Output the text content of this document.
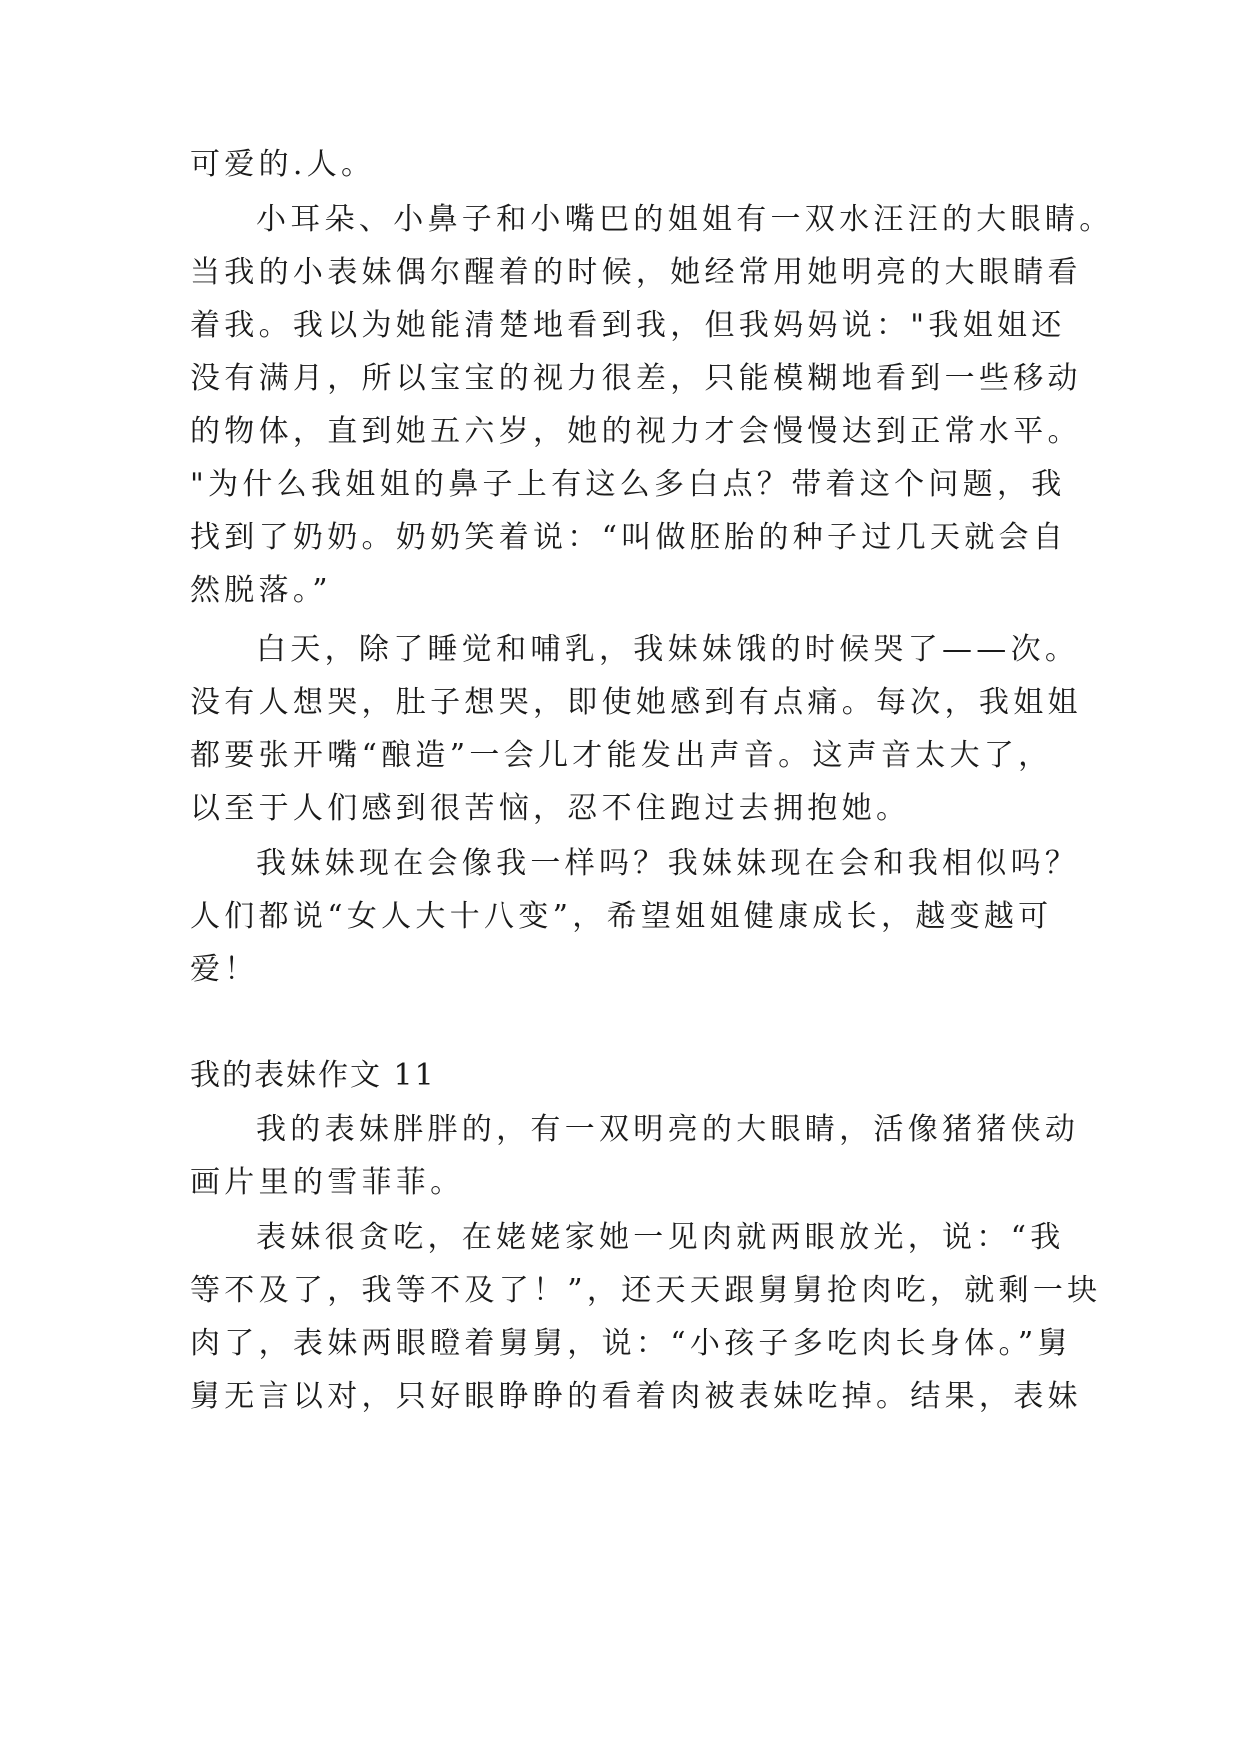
可爱的.人。

小耳朵、小鼻子和小嘴巴的姐姐有一双水汪汪的大眼睛。

当我的小表妹偶尔醒着的时候，她经常用她明亮的大眼睛看

着我。我以为她能清楚地看到我，但我妈妈说："我姐姐还

没有满月，所以宝宝的视力很差，只能模糊地看到一些移动

的物体，直到她五六岁，她的视力才会慢慢达到正常水平。

"为什么我姐姐的鼻子上有这么多白点？带着这个问题，我

找到了奶奶。奶奶笑着说：“叫做胚胎的种子过几天就会自

然脱落。”

白天，除了睡觉和哺乳，我妹妹饿的时候哭了——次。

没有人想哭，肚子想哭，即使她感到有点痛。每次，我姐姐

都要张开嘴“酿造”一会儿才能发出声音。这声音太大了，

以至于人们感到很苦恼，忍不住跑过去拥抱她。

我妹妹现在会像我一样吗？我妹妹现在会和我相似吗？

人们都说“女人大十八变”，希望姐姐健康成长，越变越可

爱！

我的表妹作文 11

我的表妹胖胖的，有一双明亮的大眼睛，活像猪猪侠动

画片里的雪菲菲。

表妹很贪吃，在姥姥家她一见肉就两眼放光，说：“我

等不及了，我等不及了！”，还天天跟舅舅抢肉吃，就剩一块

肉了，表妹两眼瞪着舅舅，说：“小孩子多吃肉长身体。”舅

舅无言以对，只好眼睁睁的看着肉被表妹吃掉。结果，表妹
